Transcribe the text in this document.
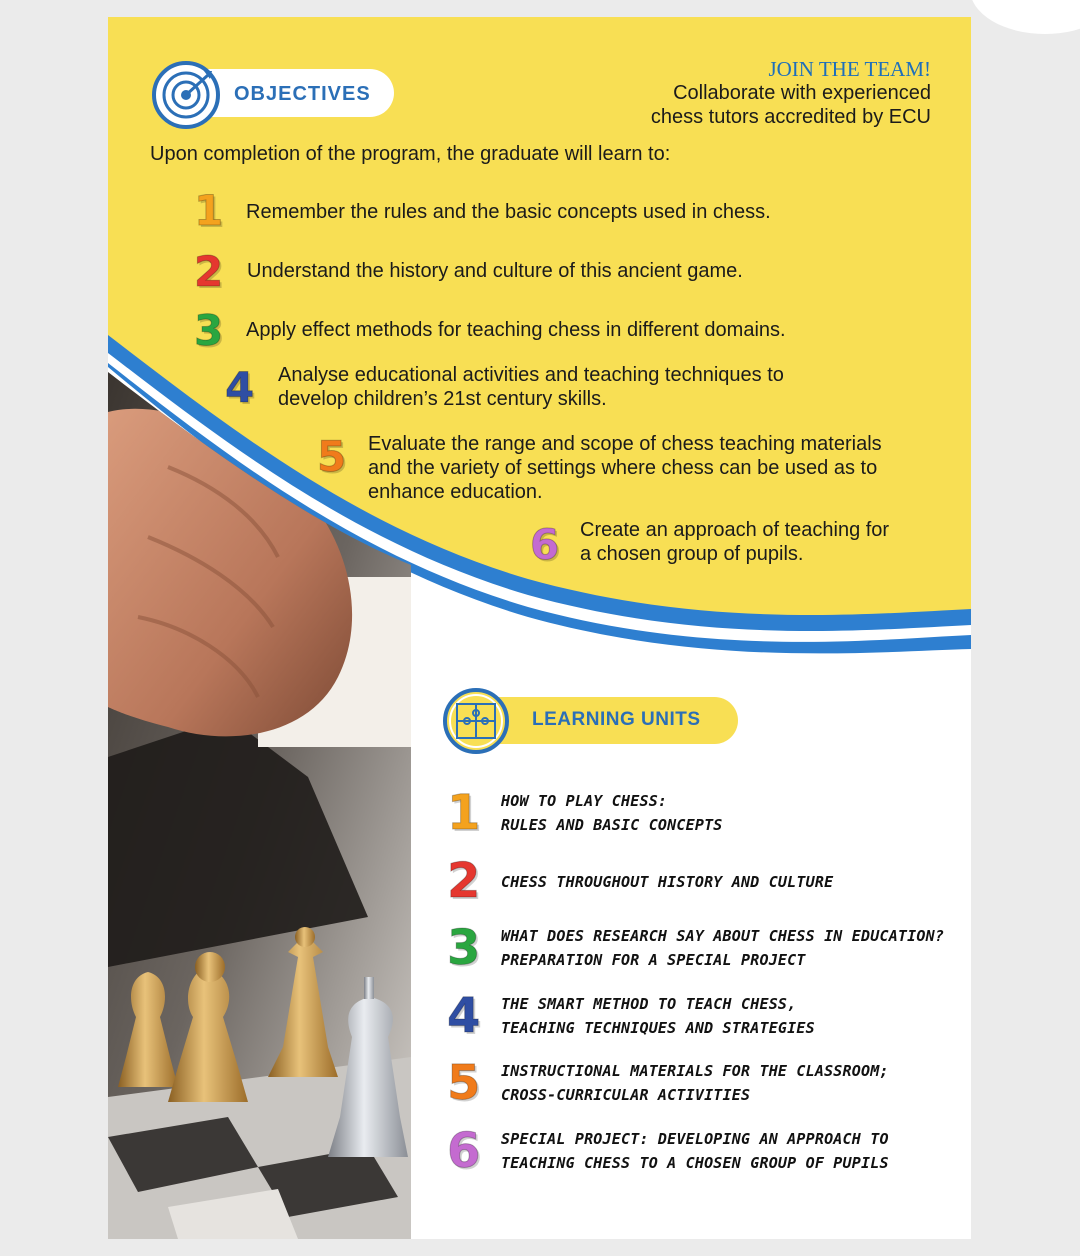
OBJECTIVES
JOIN THE TEAM!
Collaborate with experienced
chess tutors accredited by ECU
Upon completion of the program, the graduate will learn to:
1 Remember the rules and the basic concepts used in chess.
2 Understand the history and culture of this ancient game.
3 Apply effect methods for teaching chess in different domains.
4 Analyse educational activities and teaching techniques to
develop children’s 21st century skills.
5 Evaluate the range and scope of chess teaching materials
and the variety of settings where chess can be used as to
enhance education.
6 Create an approach of teaching for
a chosen group of pupils.
LEARNING UNITS
1 HOW TO PLAY CHESS:
RULES AND BASIC CONCEPTS
2 CHESS THROUGHOUT HISTORY AND CULTURE
3 WHAT DOES RESEARCH SAY ABOUT CHESS IN EDUCATION?
PREPARATION FOR A SPECIAL PROJECT
4 THE SMART METHOD TO TEACH CHESS,
TEACHING TECHNIQUES AND STRATEGIES
5 INSTRUCTIONAL MATERIALS FOR THE CLASSROOM;
CROSS-CURRICULAR ACTIVITIES
6 SPECIAL PROJECT: DEVELOPING AN APPROACH TO
TEACHING CHESS TO A CHOSEN GROUP OF PUPILS
